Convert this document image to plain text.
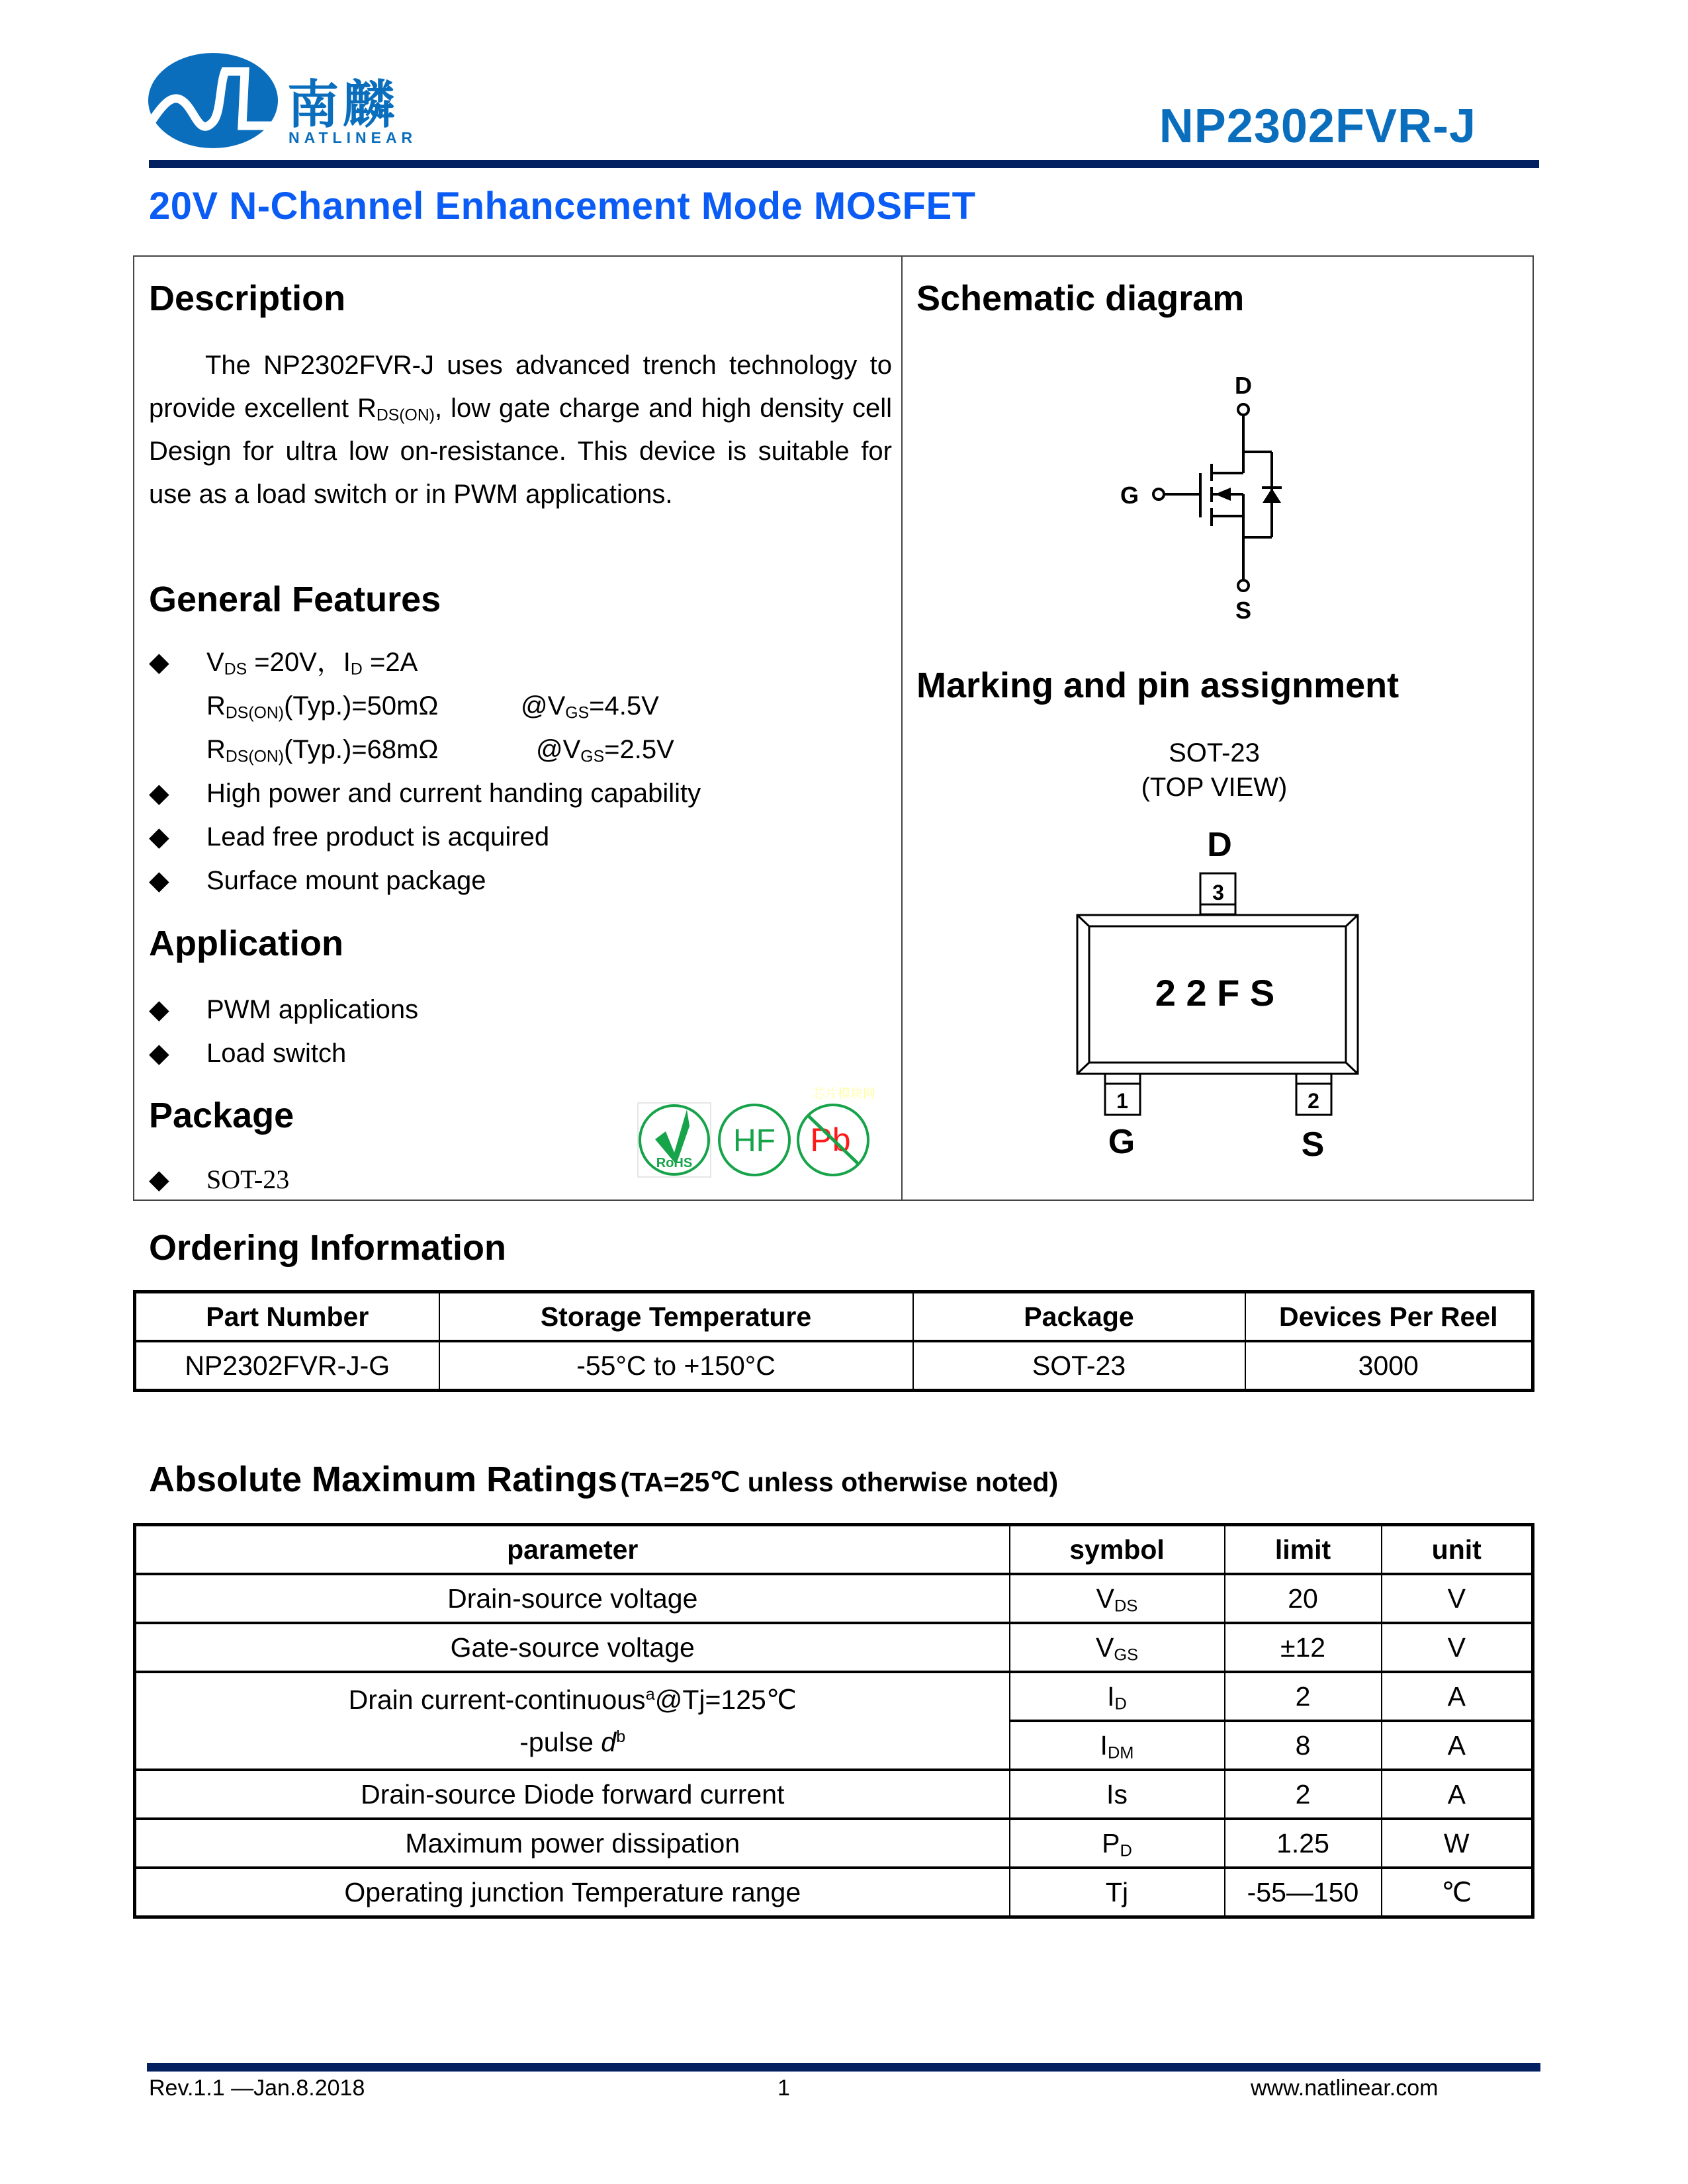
南麟
NATLINEAR	NP2302FVR-J
20V N-Channel Enhancement Mode MOSFET
Description
The NP2302FVR-J uses advanced trench technology to provide excellent $R_{DS(ON)}$, low gate charge and high density cell Design for ultra low on-resistance. This device is suitable for use as a load switch or in PWM applications.
General Features
◆ $V_{DS} =20V$，$I_D =2A$
$R_{DS(ON)}(Typ.)=50m\Omega$	$@V_{GS}=4.5V$
$R_{DS(ON)}(Typ.)=68m\Omega$	$@V_{GS}=2.5V$
◆ High power and current handing capability
◆ Lead free product is acquired
◆ Surface mount package
Application
◆ PWM applications
◆ Load switch
Package
◆ SOT-23
芯片模块网
RoHS
HF Pb
Schematic diagram
D
G
S
Marking and pin assignment
SOT-23
(TOP VIEW)
D
3
2 2 F S
1	2
G	S
Ordering Information
Part Number	Storage Temperature	Package	Devices Per Reel
NP2302FVR-J-G	-55°C to +150°C	SOT-23	3000
Absolute Maximum Ratings (TA=25℃ unless otherwise noted)
parameter	symbol	limit	unit
Drain-source voltage	$V_{DS}$	20	V
Gate-source voltage	$V_{GS}$	±12	V

Drain current-continuous$^a$@Tj=125℃
-pulse $d^b$	$I_D$	2	A
	$I_{DM}$	8	A
Drain-source Diode forward current	Is	2	A
Maximum power dissipation	$P_D$	1.25	W
Operating junction Temperature range	Tj	-55—150	℃
Rev.1.1 —Jan.8.2018	1	www.natlinear.com
